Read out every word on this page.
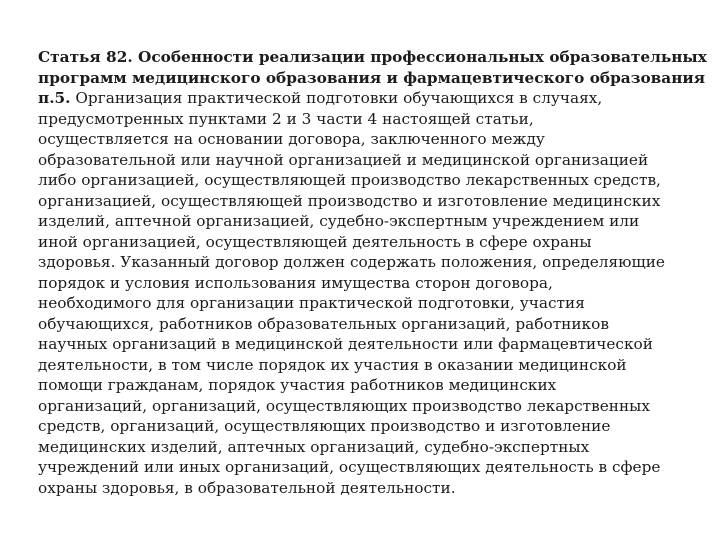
Статья 82. Особенности реализации профессиональных образовательных
программ медицинского образования и фармацевтического образования
п.5. Организация практической подготовки обучающихся в случаях,
предусмотренных пунктами 2 и 3 части 4 настоящей статьи,
осуществляется на основании договора, заключенного между
образовательной или научной организацией и медицинской организацией
либо организацией, осуществляющей производство лекарственных средств,
организацией, осуществляющей производство и изготовление медицинских
изделий, аптечной организацией, судебно-экспертным учреждением или
иной организацией, осуществляющей деятельность в сфере охраны
здоровья. Указанный договор должен содержать положения, определяющие
порядок и условия использования имущества сторон договора,
необходимого для организации практической подготовки, участия
обучающихся, работников образовательных организаций, работников
научных организаций в медицинской деятельности или фармацевтической
деятельности, в том числе порядок их участия в оказании медицинской
помощи гражданам, порядок участия работников медицинских
организаций, организаций, осуществляющих производство лекарственных
средств, организаций, осуществляющих производство и изготовление
медицинских изделий, аптечных организаций, судебно-экспертных
учреждений или иных организаций, осуществляющих деятельность в сфере
охраны здоровья, в образовательной деятельности.
